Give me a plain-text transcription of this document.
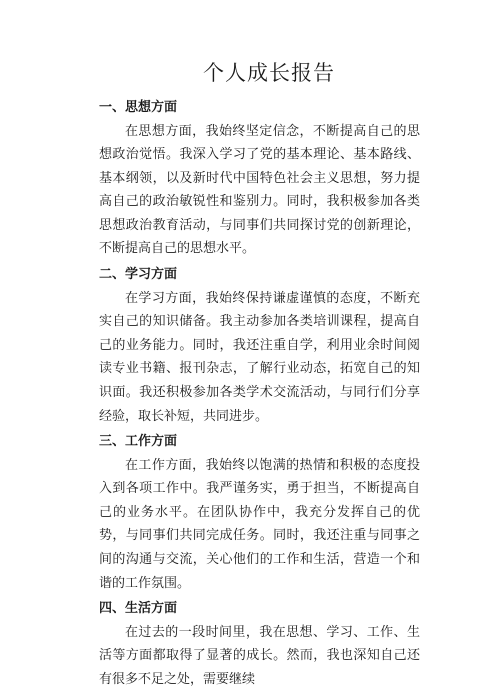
个人成长报告
一、思想方面

在思想方面，我始终坚定信念，不断提高自己的思想政治觉悟。我深入学习了党的基本理论、基本路线、基本纲领，以及新时代中国特色社会主义思想，努力提高自己的政治敏锐性和鉴别力。同时，我积极参加各类思想政治教育活动，与同事们共同探讨党的创新理论，不断提高自己的思想水平。

二、学习方面

在学习方面，我始终保持谦虚谨慎的态度，不断充实自己的知识储备。我主动参加各类培训课程，提高自己的业务能力。同时，我还注重自学，利用业余时间阅读专业书籍、报刊杂志，了解行业动态，拓宽自己的知识面。我还积极参加各类学术交流活动，与同行们分享经验，取长补短，共同进步。

三、工作方面

在工作方面，我始终以饱满的热情和积极的态度投入到各项工作中。我严谨务实，勇于担当，不断提高自己的业务水平。在团队协作中，我充分发挥自己的优势，与同事们共同完成任务。同时，我还注重与同事之间的沟通与交流，关心他们的工作和生活，营造一个和谐的工作氛围。

四、生活方面

在过去的一段时间里，我在思想、学习、工作、生活等方面都取得了显著的成长。然而，我也深知自己还有很多不足之处，需要继续
